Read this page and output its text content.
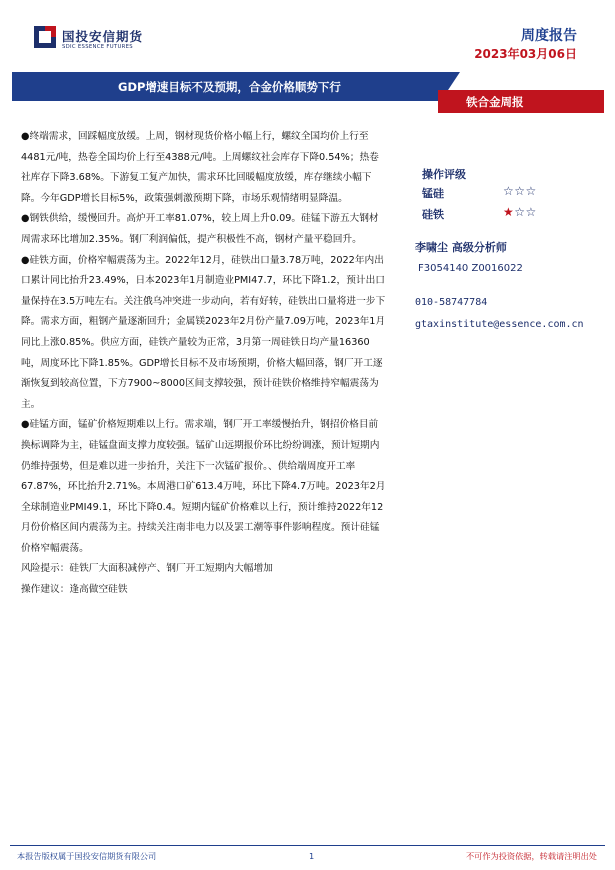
国投安信期货
SDIC ESSENCE FUTURES
周度报告
2023年03月06日
GDP增速目标不及预期，合金价格顺势下行
铁合金周报

●终端需求，回踩幅度放缓。上周，钢材现货价格小幅上行，螺纹全国均价上行至4481元/吨，热卷全国均价上行至4388元/吨。上周螺纹社会库存下降0.54%；热卷社库存下降3.68%。下游复工复产加快，需求环比回暖幅度放缓，库存继续小幅下降。今年GDP增长目标5%，政策强刺激预期下降，市场乐观情绪明显降温。

●钢铁供给，缓慢回升。高炉开工率81.07%，较上周上升0.09。硅锰下游五大钢材周需求环比增加2.35%。钢厂利润偏低，提产积极性不高，钢材产量平稳回升。

●硅铁方面，价格窄幅震荡为主。2022年12月，硅铁出口量3.78万吨，2022年内出口累计同比抬升23.49%，日本2023年1月制造业PMI47.7，环比下降1.2，预计出口量保持在3.5万吨左右。关注俄乌冲突进一步动向，若有好转，硅铁出口量将进一步下降。需求方面，粗钢产量逐渐回升；金属镁2023年2月份产量7.09万吨，2023年1月同比上涨0.85%。供应方面，硅铁产量较为正常，3月第一周硅铁日均产量16360吨，周度环比下降1.85%。GDP增长目标不及市场预期，价格大幅回落，钢厂开工逐渐恢复到较高位置，下方7900~8000区间支撑较强，预计硅铁价格维持窄幅震荡为主。

●硅锰方面，锰矿价格短期难以上行。需求端，钢厂开工率缓慢抬升，钢招价格目前换标调降为主，硅锰盘面支撑力度较强。锰矿山远期报价环比纷纷调涨，预计短期内仍维持强势，但是难以进一步抬升，关注下一次锰矿报价。、供给端周度开工率67.87%，环比抬升2.71%。本周港口矿613.4万吨，环比下降4.7万吨。2023年2月全球制造业PMI49.1，环比下降0.4。短期内锰矿价格难以上行，预计维持2022年12月份价格区间内震荡为主。持续关注南非电力以及罢工潮等事件影响程度。预计硅锰价格窄幅震荡。

风险提示：硅铁厂大面积减停产、钢厂开工短期内大幅增加

操作建议：逢高做空硅铁

操作评级
锰硅	☆☆☆
硅铁	★☆☆
李啸尘 高级分析师
F3054140 Z0016022
010-58747784
gtaxinstitute@essence.com.cn
本报告版权属于国投安信期货有限公司	1	不可作为投资依据，转载请注明出处
